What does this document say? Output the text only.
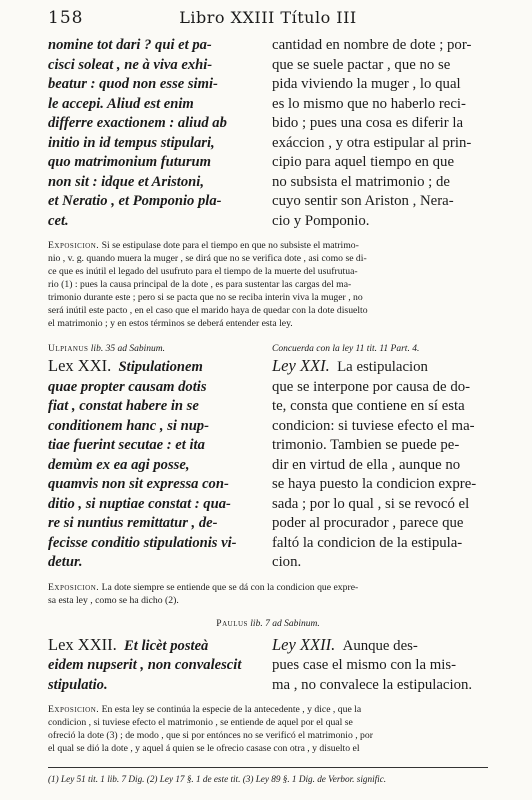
158	Libro XXIII Título III
nomine tot dari ? qui et pa-
cisci soleat , ne à viva exhi-
beatur : quod non esse simi-
le accepi. Aliud est enim
differre exactionem : aliud ab
initio in id tempus stipulari,
quo matrimonium futurum
non sit : idque et Aristoni,
et Neratio , et Pomponio pla-
cet.
cantidad en nombre de dote ; por-
que se suele pactar , que no se
pida viviendo la muger , lo qual
es lo mismo que no haberlo reci-
bido ; pues una cosa es diferir la
exáccion , y otra estipular al prin-
cipio para aquel tiempo en que
no subsista el matrimonio ; de
cuyo sentir son Ariston , Nera-
cio y Pomponio.
Exposicion. Si se estipulase dote para el tiempo en que no subsiste el matrimo-
nio , v. g. quando muera la muger , se dirá que no se verifica dote , asi como se di-
ce que es inútil el legado del usufruto para el tiempo de la muerte del usufrutua-
rio (1) : pues la causa principal de la dote , es para sustentar las cargas del ma-
trimonio durante este ; pero si se pacta que no se reciba interin viva la muger , no
será inútil este pacto , en el caso que el marido haya de quedar con la dote disuelto
el matrimonio ; y en estos términos se deberá entender esta ley.
Ulpianus lib. 35 ad Sabinum.	Concuerda con la ley 11 tit. 11 Part. 4.
Lex XXI. Stipulationem
quae propter causam dotis
fiat , constat habere in se
conditionem hanc , si nup-
tiae fuerint secutae : et ita
demùm ex ea agi posse,
quamvis non sit expressa con-
ditio , si nuptiae constat : qua-
re si nuntius remittatur , de-
fecisse conditio stipulationis vi-
detur.
Ley XXI. La estipulacion
que se interpone por causa de do-
te, consta que contiene en sí esta
condicion: si tuviese efecto el ma-
trimonio. Tambien se puede pe-
dir en virtud de ella , aunque no
se haya puesto la condicion expre-
sada ; por lo qual , si se revocó el
poder al procurador , parece que
faltó la condicion de la estipula-
cion.
Exposicion. La dote siempre se entiende que se dá con la condicion que expre-
sa esta ley , como se ha dicho (2).
Paulus lib. 7 ad Sabinum.
Lex XXII. Et licèt posteà
eidem nupserit , non convalescit
stipulatio.
Ley XXII. Aunque des-
pues case el mismo con la mis-
ma , no convalece la estipulacion.
Exposicion. En esta ley se continúa la especie de la antecedente , y dice , que la
condicion , si tuviese efecto el matrimonio , se entiende de aquel por el qual se
ofreció la dote (3) ; de modo , que si por entónces no se verificó el matrimonio , por
el qual se dió la dote , y aquel á quien se le ofrecio casase con otra , y disuelto el
(1) Ley 51 tit. 1 lib. 7 Dig. (2) Ley 17 §. 1 de este tit. (3) Ley 89 §. 1 Dig. de Verbor. signific.
